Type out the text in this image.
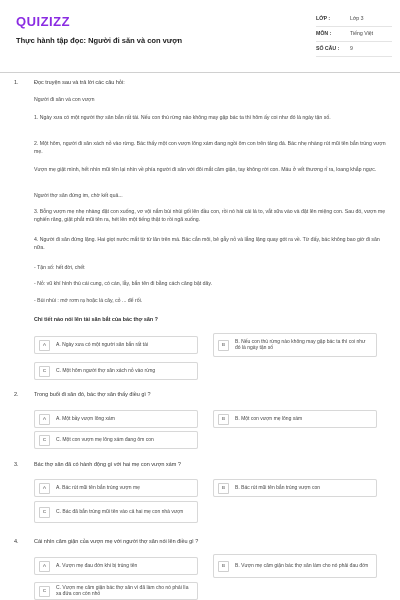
QUIZIZZ
Thực hành tập đọc: Người đi săn và con vượn
LỚP :	Lớp 3
MÔN :	Tiếng Việt
SỐ CÂU :	9
1.	Đọc truyện sau và trả lời các câu hỏi:
Người đi săn và con vượn
1. Ngày xưa có một người thợ săn bắn rất tài. Nếu con thú rừng nào không may gặp bác ta thì hôm ấy coi như đó là ngày tận số.
2. Một hôm, người đi săn xách nỏ vào rừng. Bác thấy một con vượn lông xám đang ngồi ôm con trên tảng đá. Bác nhẹ nhàng rút mũi tên bắn trúng vượn mẹ.
Vượn mẹ giật mình, hết nhìn mũi tên lại nhìn về phía người đi săn với đôi mắt căm giận, tay không rời con. Máu ở vết thương rỉ ra, loang khắp ngực.
Người thợ săn đứng im, chờ kết quả...
3. Bỗng vượn mẹ nhẹ nhàng đặt con xuống, vơ vội nắm bùi nhùi gối lên đầu con, rồi nó hái cái lá to, vắt sữa vào và đặt lên miệng con. Sau đó, vượn mẹ nghiến răng, giật phắt mũi tên ra, hét lên một tiếng thật to rồi ngã xuống.
4. Người đi săn đứng lặng. Hai giọt nước mắt từ từ lăn trên má. Bác cắn môi, bẻ gẫy nỏ và lẳng lặng quay gót ra về. Từ đấy, bác không bao giờ đi săn nữa.
- Tận số: hết đời, chết
- Nỏ: vũ khí hình thù cái cung, có cán, lẫy, bắn tên đi bằng cách căng bật dây.
- Bùi nhùi : mớ rơm rạ hoặc lá cây, cỏ ... để rối.
Chi tiết nào nói lên tài săn bắt của bác thợ săn ?
A	A. Ngày xưa có một người săn bắn rất tài	B
B. Nếu con thú rừng nào không may gặp bác ta thì coi như đó là ngày tận số
C	C. Một hôm người thợ săn xách nỏ vào rừng
2.	Trong buổi đi săn đó, bác thợ săn thấy điều gì ?
A	A. Một bầy vượn lông xám	B	B. Một con vượn mẹ lông xám
C	C. Một con vượn mẹ lông xám đang ôm con
3.	Bác thợ săn đã có hành động gì với hai mẹ con vượn xám ?
A	A. Bác rút mũi tên bắn trúng vượn mẹ	B	B. Bác rút mũi tên bắn trúng vượn con
C	C. Bác đã bắn trúng mũi tên vào cả hai mẹ con nhà vượn
4.	Cái nhìn căm giận của vượn mẹ với người thợ săn nói lên điều gì ?
A	A. Vượn mẹ đau đớn khi bị trúng tên	B	B. Vượn mẹ căm giận bác thợ săn làm cho nó phải đau đớn
C
C. Vượn mẹ căm giận bác thợ săn vì đã làm cho nó phải lìa xa đứa con còn nhỏ
